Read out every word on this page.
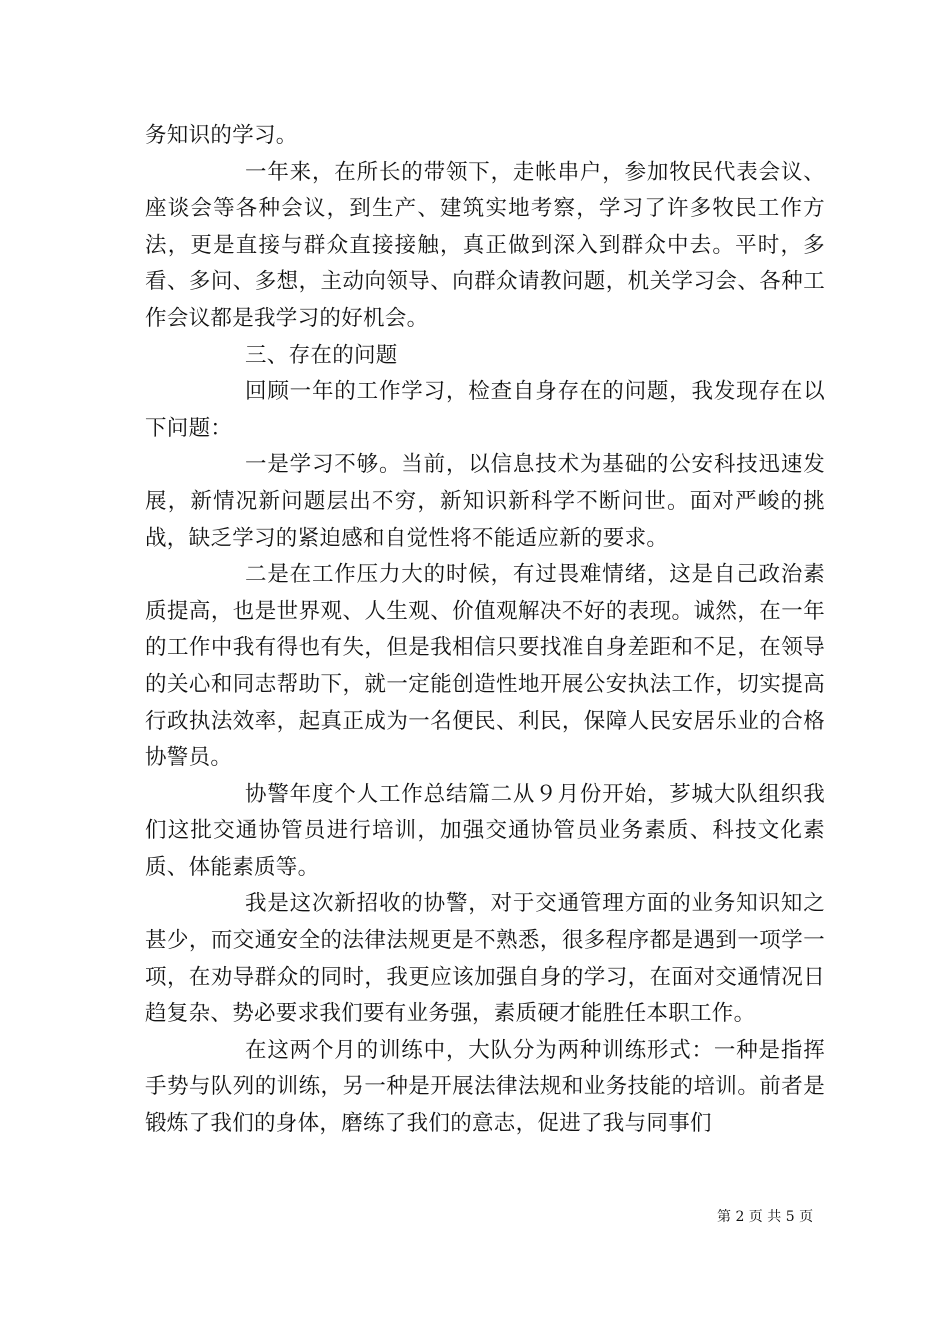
务知识的学习。

一年来，在所长的带领下，走帐串户，参加牧民代表会议、座谈会等各种会议，到生产、建筑实地考察，学习了许多牧民工作方法，更是直接与群众直接接触，真正做到深入到群众中去。平时，多看、多问、多想，主动向领导、向群众请教问题，机关学习会、各种工作会议都是我学习的好机会。

三、存在的问题

回顾一年的工作学习，检查自身存在的问题，我发现存在以下问题：

一是学习不够。当前，以信息技术为基础的公安科技迅速发展，新情况新问题层出不穷，新知识新科学不断问世。面对严峻的挑战，缺乏学习的紧迫感和自觉性将不能适应新的要求。

二是在工作压力大的时候，有过畏难情绪，这是自己政治素质提高，也是世界观、人生观、价值观解决不好的表现。诚然，在一年的工作中我有得也有失，但是我相信只要找准自身差距和不足，在领导的关心和同志帮助下，就一定能创造性地开展公安执法工作，切实提高行政执法效率，起真正成为一名便民、利民，保障人民安居乐业的合格协警员。

协警年度个人工作总结篇二从９月份开始，芗城大队组织我们这批交通协管员进行培训，加强交通协管员业务素质、科技文化素质、体能素质等。

我是这次新招收的协警，对于交通管理方面的业务知识知之甚少，而交通安全的法律法规更是不熟悉，很多程序都是遇到一项学一项，在劝导群众的同时，我更应该加强自身的学习，在面对交通情况日趋复杂、势必要求我们要有业务强，素质硬才能胜任本职工作。

在这两个月的训练中，大队分为两种训练形式：一种是指挥手势与队列的训练，另一种是开展法律法规和业务技能的培训。前者是锻炼了我们的身体，磨练了我们的意志，促进了我与同事们

第 2 页 共 5 页
